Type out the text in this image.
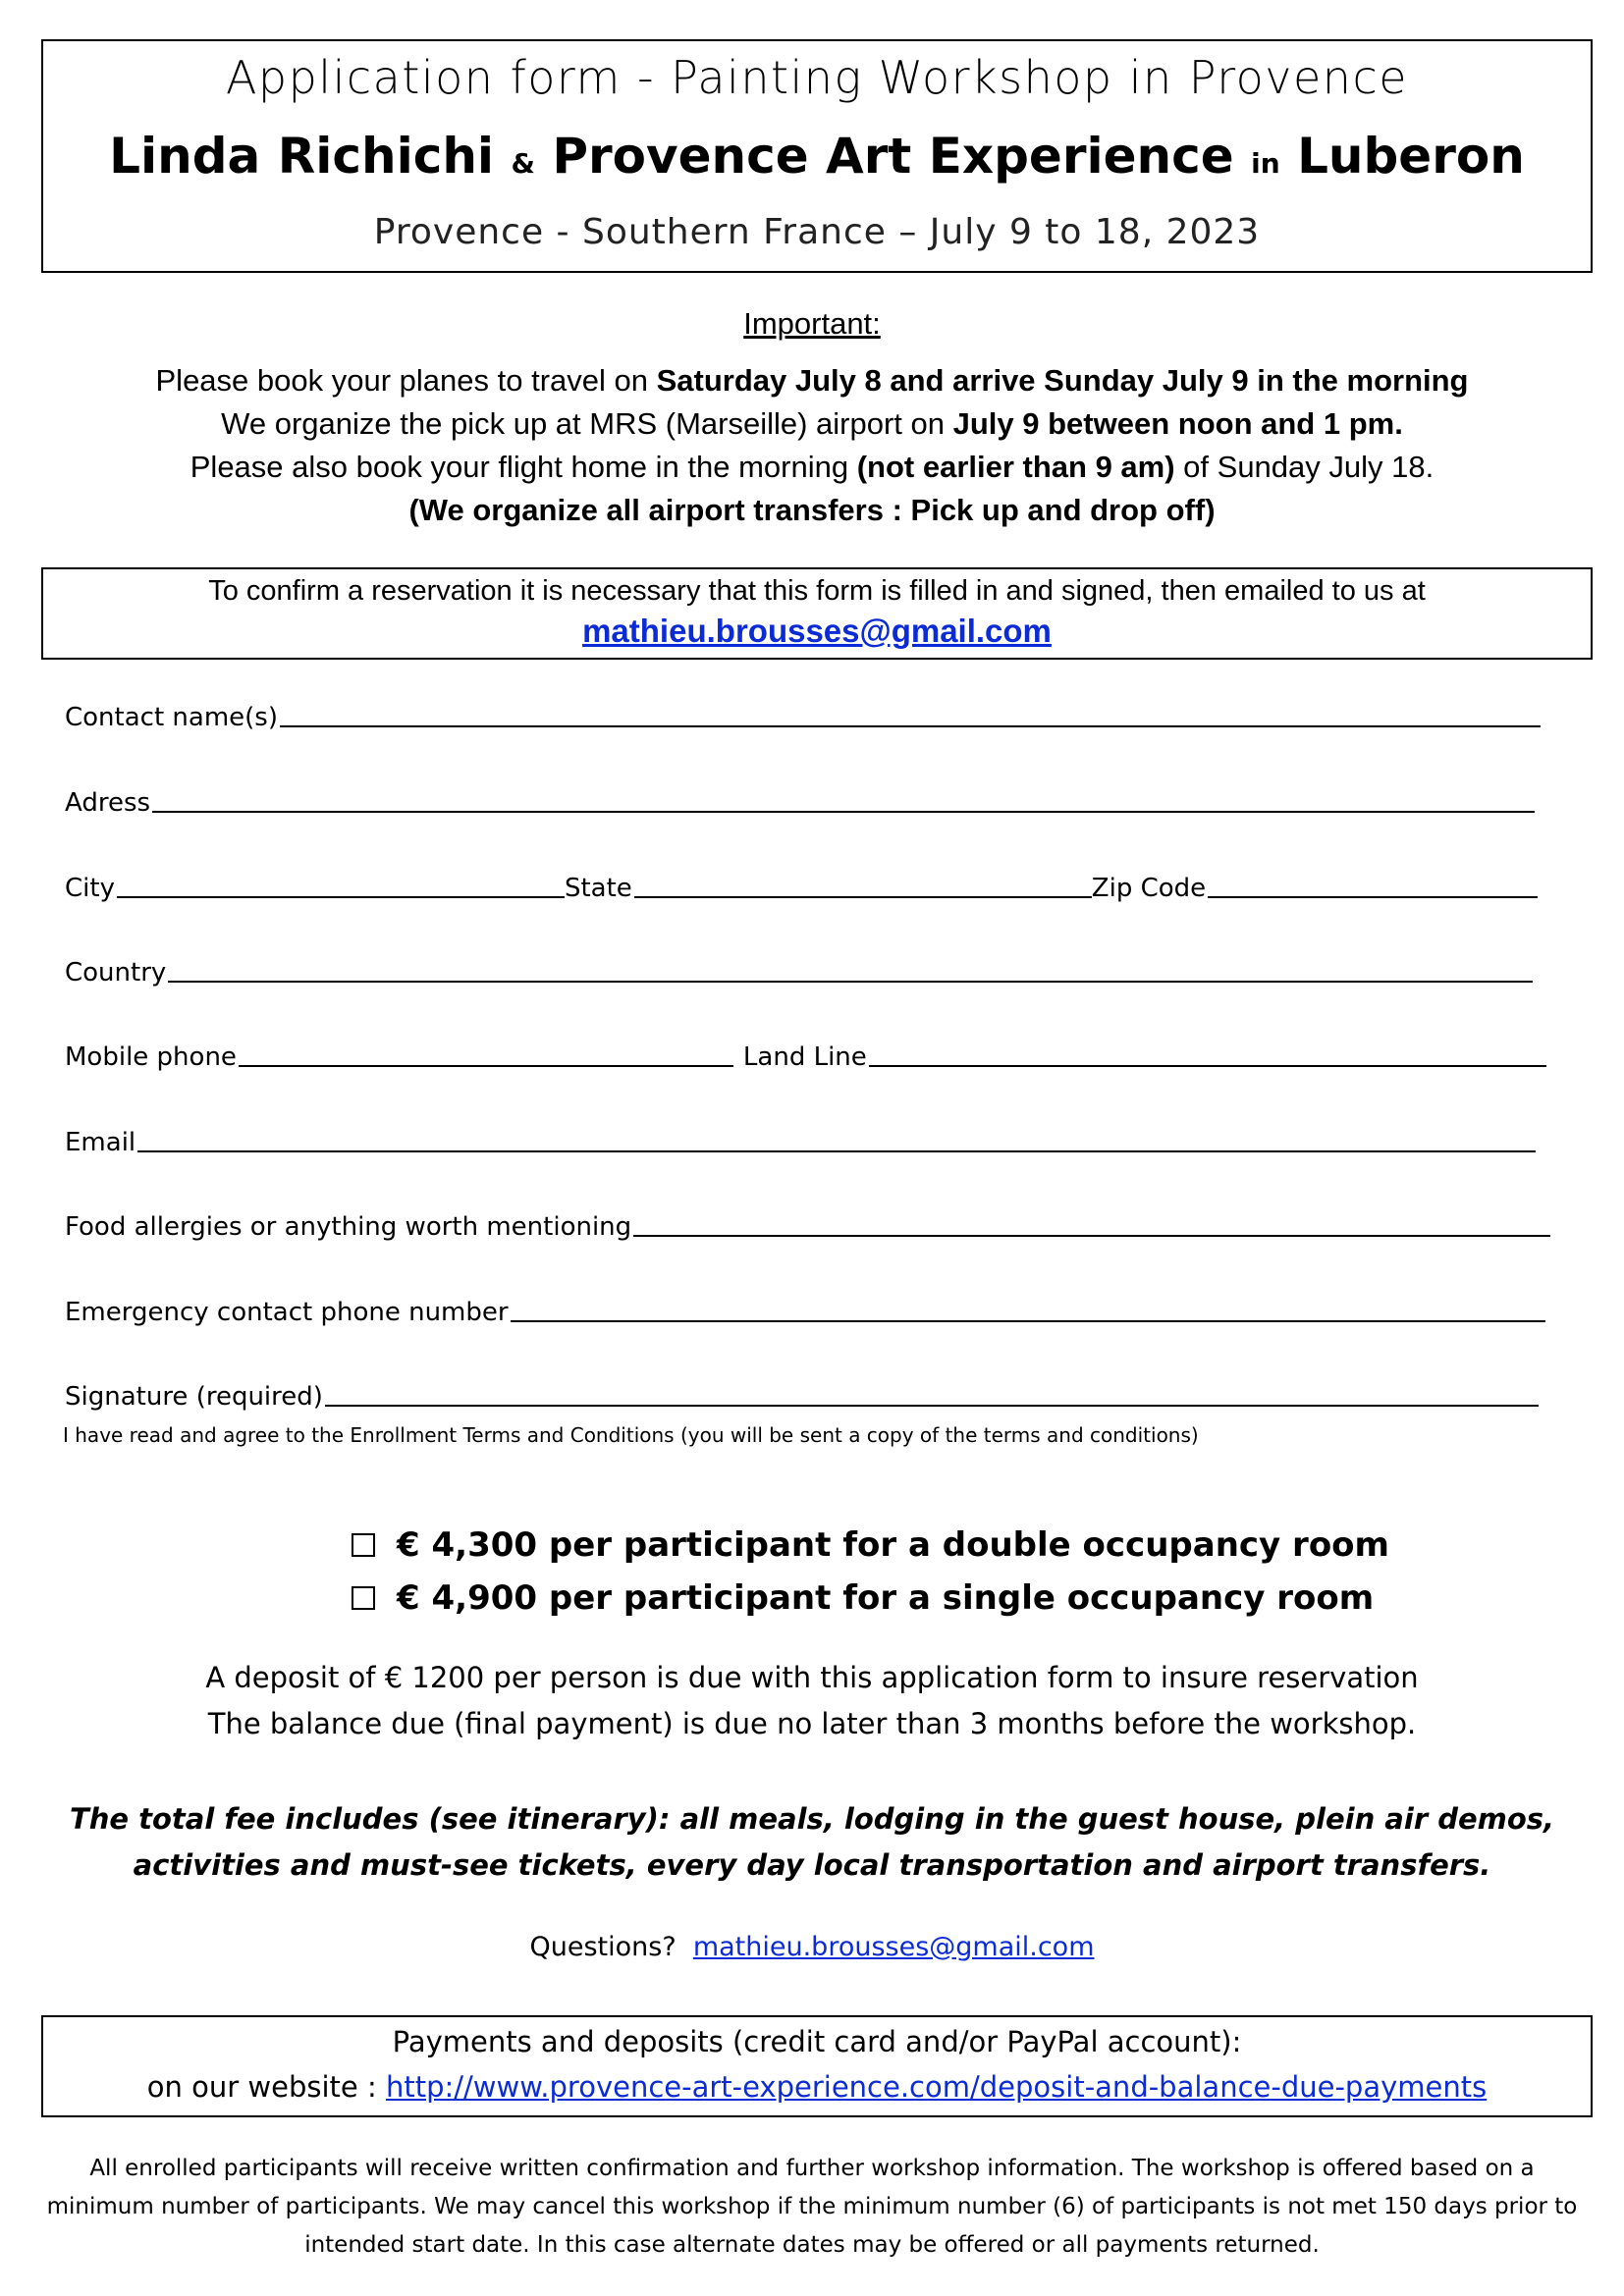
Application form - Painting Workshop in Provence
Linda Richichi & Provence Art Experience in Luberon
Provence - Southern France – July 9 to 18, 2023
Important:
Please book your planes to travel on Saturday July 8 and arrive Sunday July 9 in the morning
We organize the pick up at MRS (Marseille) airport on July 9 between noon and 1 pm.
Please also book your flight home in the morning (not earlier than 9 am) of Sunday July 18.
(We organize all airport transfers : Pick up and drop off)
To confirm a reservation it is necessary that this form is filled in and signed, then emailed to us at
mathieu.brousses@gmail.com
Contact name(s)
Adress
City	State	Zip Code
Country
Mobile phone	Land Line
Email
Food allergies or anything worth mentioning
Emergency contact phone number
Signature (required)
I have read and agree to the Enrollment Terms and Conditions (you will be sent a copy of the terms and conditions)
€ 4,300 per participant for a double occupancy room
€ 4,900 per participant for a single occupancy room
A deposit of € 1200 per person is due with this application form to insure reservation
The balance due (final payment) is due no later than 3 months before the workshop.
The total fee includes (see itinerary): all meals, lodging in the guest house, plein air demos,
activities and must-see tickets, every day local transportation and airport transfers.
Questions? mathieu.brousses@gmail.com
Payments and deposits (credit card and/or PayPal account):
on our website : http://www.provence-art-experience.com/deposit-and-balance-due-payments
All enrolled participants will receive written confirmation and further workshop information. The workshop is offered based on a minimum number of participants. We may cancel this workshop if the minimum number (6) of participants is not met 150 days prior to intended start date. In this case alternate dates may be offered or all payments returned.
